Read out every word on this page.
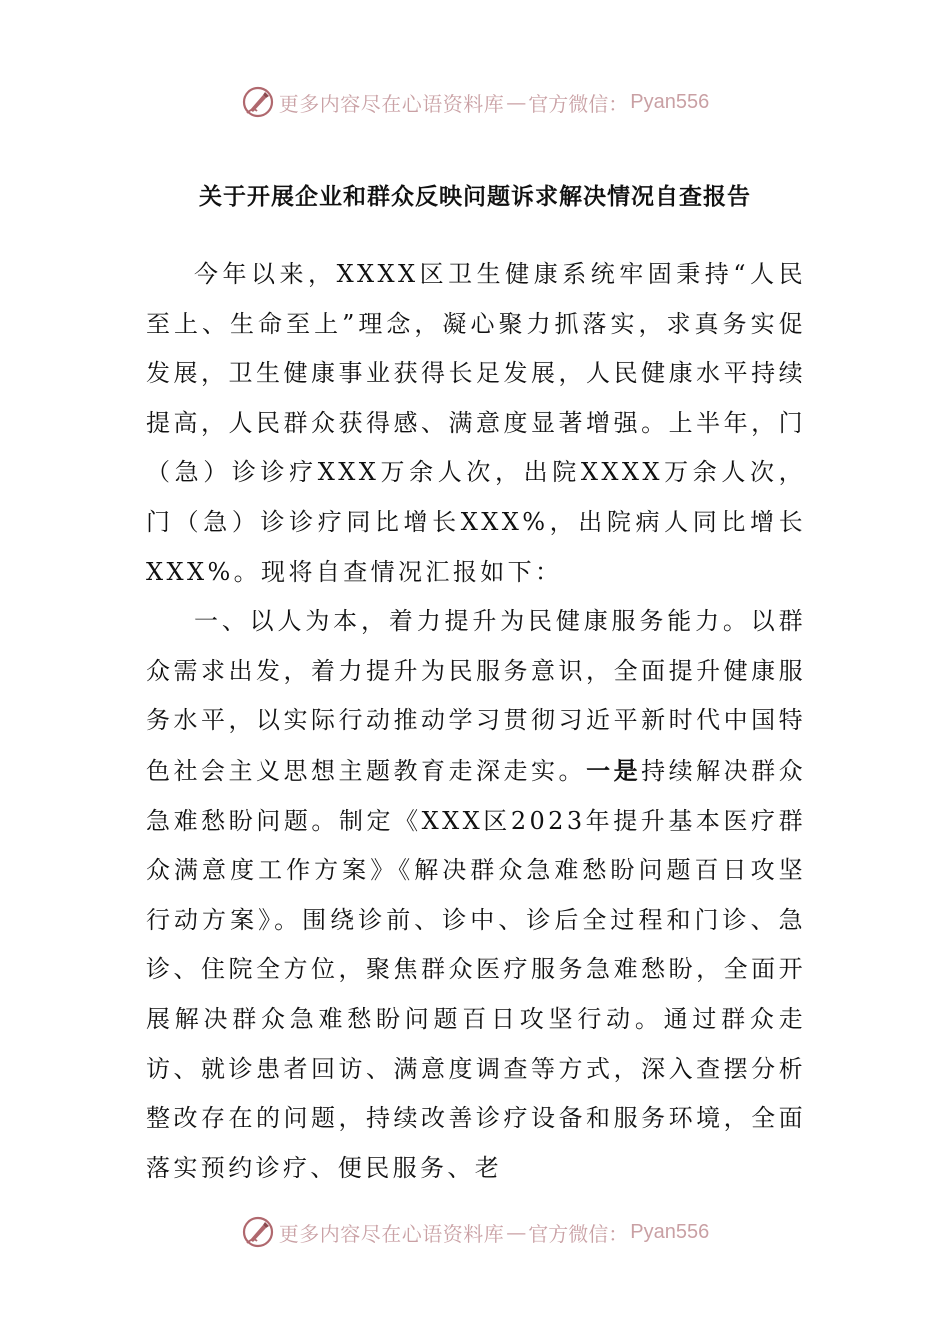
更多内容尽在心语资料库 — 官方微信： Pyan556
关于开展企业和群众反映问题诉求解决情况自查报告

今年以来，XXXX区卫生健康系统牢固秉持“人民至上、生命至上”理念，凝心聚力抓落实，求真务实促发展，卫生健康事业获得长足发展，人民健康水平持续提高，人民群众获得感、满意度显著增强。上半年，门（急）诊诊疗XXX万余人次，出院XXXX万余人次，门（急）诊诊疗同比增长XXX%，出院病人同比增长XXX%。现将自查情况汇报如下：

一、以人为本，着力提升为民健康服务能力。以群众需求出发，着力提升为民服务意识，全面提升健康服务水平，以实际行动推动学习贯彻习近平新时代中国特色社会主义思想主题教育走深走实。一是持续解决群众急难愁盼问题。制定《XXX区2023年提升基本医疗群众满意度工作方案》《解决群众急难愁盼问题百日攻坚行动方案》。围绕诊前、诊中、诊后全过程和门诊、急诊、住院全方位，聚焦群众医疗服务急难愁盼，全面开展解决群众急难愁盼问题百日攻坚行动。通过群众走访、就诊患者回访、满意度调查等方式，深入查摆分析整改存在的问题，持续改善诊疗设备和服务环境，全面落实预约诊疗、便民服务、老

更多内容尽在心语资料库 — 官方微信： Pyan556
